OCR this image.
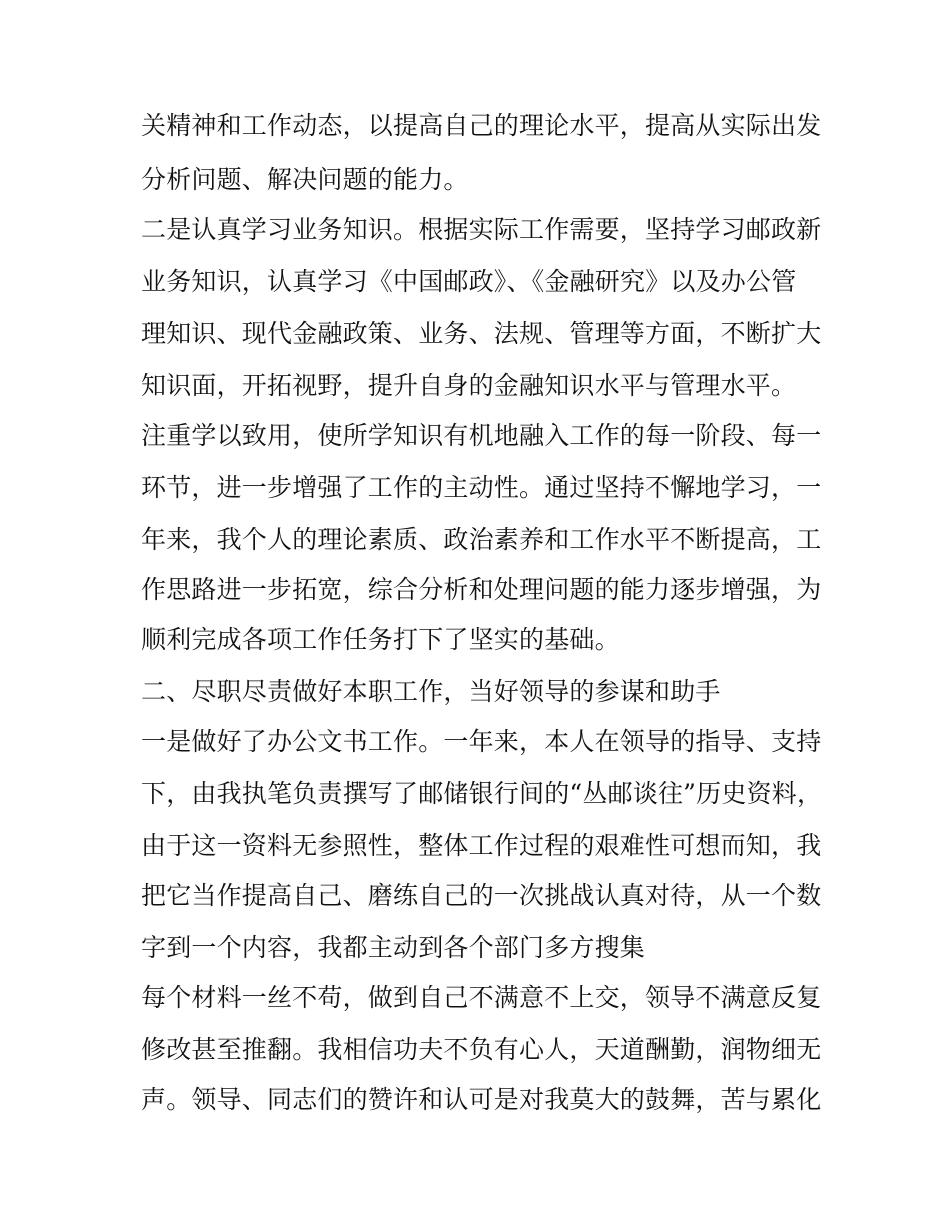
关精神和工作动态，以提高自己的理论水平，提高从实际出发
分析问题、解决问题的能力。
二是认真学习业务知识。根据实际工作需要，坚持学习邮政新
业务知识，认真学习《中国邮政》、《金融研究》以及办公管
理知识、现代金融政策、业务、法规、管理等方面，不断扩大
知识面，开拓视野，提升自身的金融知识水平与管理水平。
注重学以致用，使所学知识有机地融入工作的每一阶段、每一
环节，进一步增强了工作的主动性。通过坚持不懈地学习，一
年来，我个人的理论素质、政治素养和工作水平不断提高，工
作思路进一步拓宽，综合分析和处理问题的能力逐步增强，为
顺利完成各项工作任务打下了坚实的基础。
二、尽职尽责做好本职工作，当好领导的参谋和助手
一是做好了办公文书工作。一年来，本人在领导的指导、支持
下，由我执笔负责撰写了邮储银行间的“丛邮谈往”历史资料，
由于这一资料无参照性，整体工作过程的艰难性可想而知，我
把它当作提高自己、磨练自己的一次挑战认真对待，从一个数
字到一个内容，我都主动到各个部门多方搜集
每个材料一丝不苟，做到自己不满意不上交，领导不满意反复
修改甚至推翻。我相信功夫不负有心人，天道酬勤，润物细无
声。领导、同志们的赞许和认可是对我莫大的鼓舞，苦与累化
